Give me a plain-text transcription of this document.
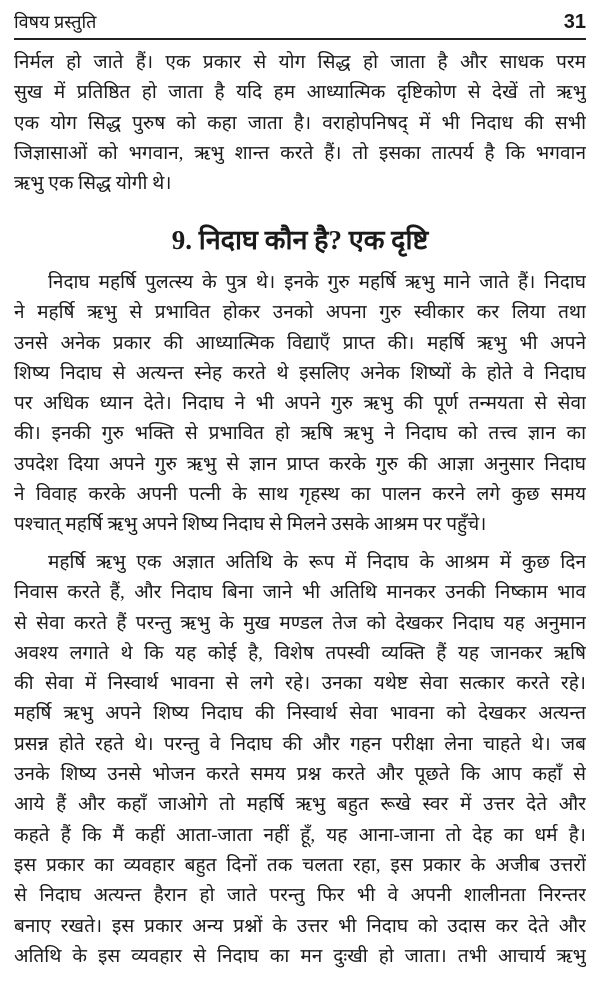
विषय प्रस्तुति	31
निर्मल हो जाते हैं। एक प्रकार से योग सिद्ध हो जाता है और साधक परम
सुख में प्रतिष्ठित हो जाता है यदि हम आध्यात्मिक दृष्टिकोण से देखें तो ऋभु
एक योग सिद्ध पुरुष को कहा जाता है। वराहोपनिषद् में भी निदाध की सभी
जिज्ञासाओं को भगवान, ऋभु शान्त करते हैं। तो इसका तात्पर्य है कि भगवान
ऋभु एक सिद्ध योगी थे।
9. निदाघ कौन है? एक दृष्टि
निदाघ महर्षि पुलत्स्य के पुत्र थे। इनके गुरु महर्षि ऋभु माने जाते हैं। निदाघ
ने महर्षि ऋभु से प्रभावित होकर उनको अपना गुरु स्वीकार कर लिया तथा
उनसे अनेक प्रकार की आध्यात्मिक विद्याएँ प्राप्त की। महर्षि ऋभु भी अपने
शिष्य निदाघ से अत्यन्त स्नेह करते थे इसलिए अनेक शिष्यों के होते वे निदाघ
पर अधिक ध्यान देते। निदाघ ने भी अपने गुरु ऋभु की पूर्ण तन्मयता से सेवा
की। इनकी गुरु भक्ति से प्रभावित हो ऋषि ऋभु ने निदाघ को तत्त्व ज्ञान का
उपदेश दिया अपने गुरु ऋभु से ज्ञान प्राप्त करके गुरु की आज्ञा अनुसार निदाघ
ने विवाह करके अपनी पत्नी के साथ गृहस्थ का पालन करने लगे कुछ समय
पश्चात् महर्षि ऋभु अपने शिष्य निदाघ से मिलने उसके आश्रम पर पहुँचे।
महर्षि ऋभु एक अज्ञात अतिथि के रूप में निदाघ के आश्रम में कुछ दिन
निवास करते हैं, और निदाघ बिना जाने भी अतिथि मानकर उनकी निष्काम भाव
से सेवा करते हैं परन्तु ऋभु के मुख मण्डल तेज को देखकर निदाघ यह अनुमान
अवश्य लगाते थे कि यह कोई है, विशेष तपस्वी व्यक्ति हैं यह जानकर ऋषि
की सेवा में निस्वार्थ भावना से लगे रहे। उनका यथेष्ट सेवा सत्कार करते रहे।
महर्षि ऋभु अपने शिष्य निदाघ की निस्वार्थ सेवा भावना को देखकर अत्यन्त
प्रसन्न होते रहते थे। परन्तु वे निदाघ की और गहन परीक्षा लेना चाहते थे। जब
उनके शिष्य उनसे भोजन करते समय प्रश्न करते और पूछते कि आप कहाँ से
आये हैं और कहाँ जाओगे तो महर्षि ऋभु बहुत रूखे स्वर में उत्तर देते और
कहते हैं कि मैं कहीं आता-जाता नहीं हूँ, यह आना-जाना तो देह का धर्म है।
इस प्रकार का व्यवहार बहुत दिनों तक चलता रहा, इस प्रकार के अजीब उत्तरों
से निदाघ अत्यन्त हैरान हो जाते परन्तु फिर भी वे अपनी शालीनता निरन्तर
बनाए रखते। इस प्रकार अन्य प्रश्नों के उत्तर भी निदाघ को उदास कर देते और
अतिथि के इस व्यवहार से निदाघ का मन दुःखी हो जाता। तभी आचार्य ऋभु
